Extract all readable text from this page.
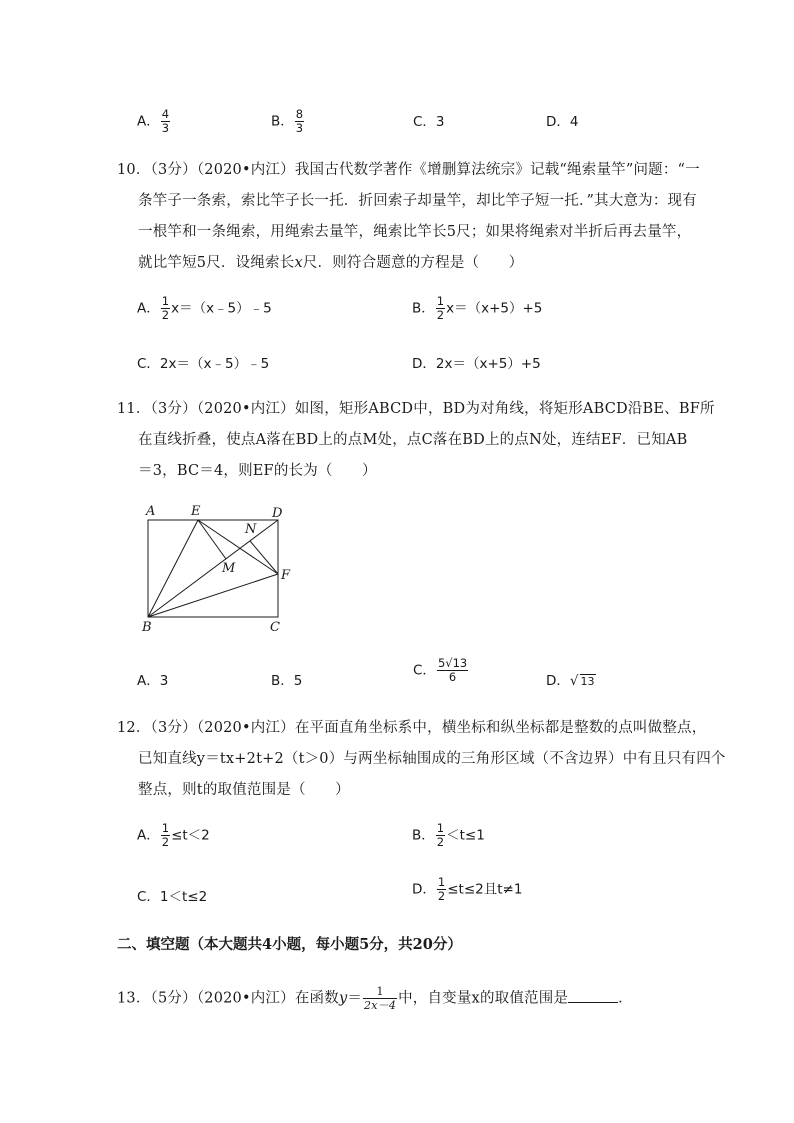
A． $\frac{4}{3}$	B． $\frac{8}{3}$	C．3	D．4
10．（3分）（2020•内江）我国古代数学著作《增删算法统宗》记载“绳索量竿”问题：“一
条竿子一条索，索比竿子长一托．折回索子却量竿，却比竿子短一托．”其大意为：现有
一根竿和一条绳索，用绳索去量竿，绳索比竿长5尺；如果将绳索对半折后再去量竿，
就比竿短5尺．设绳索长x尺．则符合题意的方程是（　　）
A． $\frac{1}{2}$ x＝（x﹣5）﹣5	B． $\frac{1}{2} x=(x+5)+5$
C．2x＝（x﹣5）﹣5	D．2x＝（x+5）+5
11．（3分）（2020•内江）如图，矩形ABCD中，BD为对角线，将矩形ABCD沿BE、BF所
在直线折叠，使点A落在BD上的点M处，点C落在BD上的点N处，连结EF．已知AB
＝3，BC＝4，则EF的长为（　　）
A	E	D
N
M	F
B	C
A．3	B．5
C． $\frac{5√13}{6}$	D．√ 13
12．（3分）（2020•内江）在平面直角坐标系中，横坐标和纵坐标都是整数的点叫做整点，
已知直线y＝tx+2t+2（t＞0）与两坐标轴围成的三角形区域（不含边界）中有且只有四个
整点，则t的取值范围是（　　）
A． $\frac{1}{2} \le t<2$	B． $\frac{1}{2} <t\le 1$
C．1＜t≤2	D． $\frac{1}{2} \le t\le 2$且t≠1
二、填空题（本大题共4小题，每小题5分，共20分）
13．（5分）（2020•内江）在函数$y= \frac{1}{2x-4}$ 中，自变量x的取值范围是	．
